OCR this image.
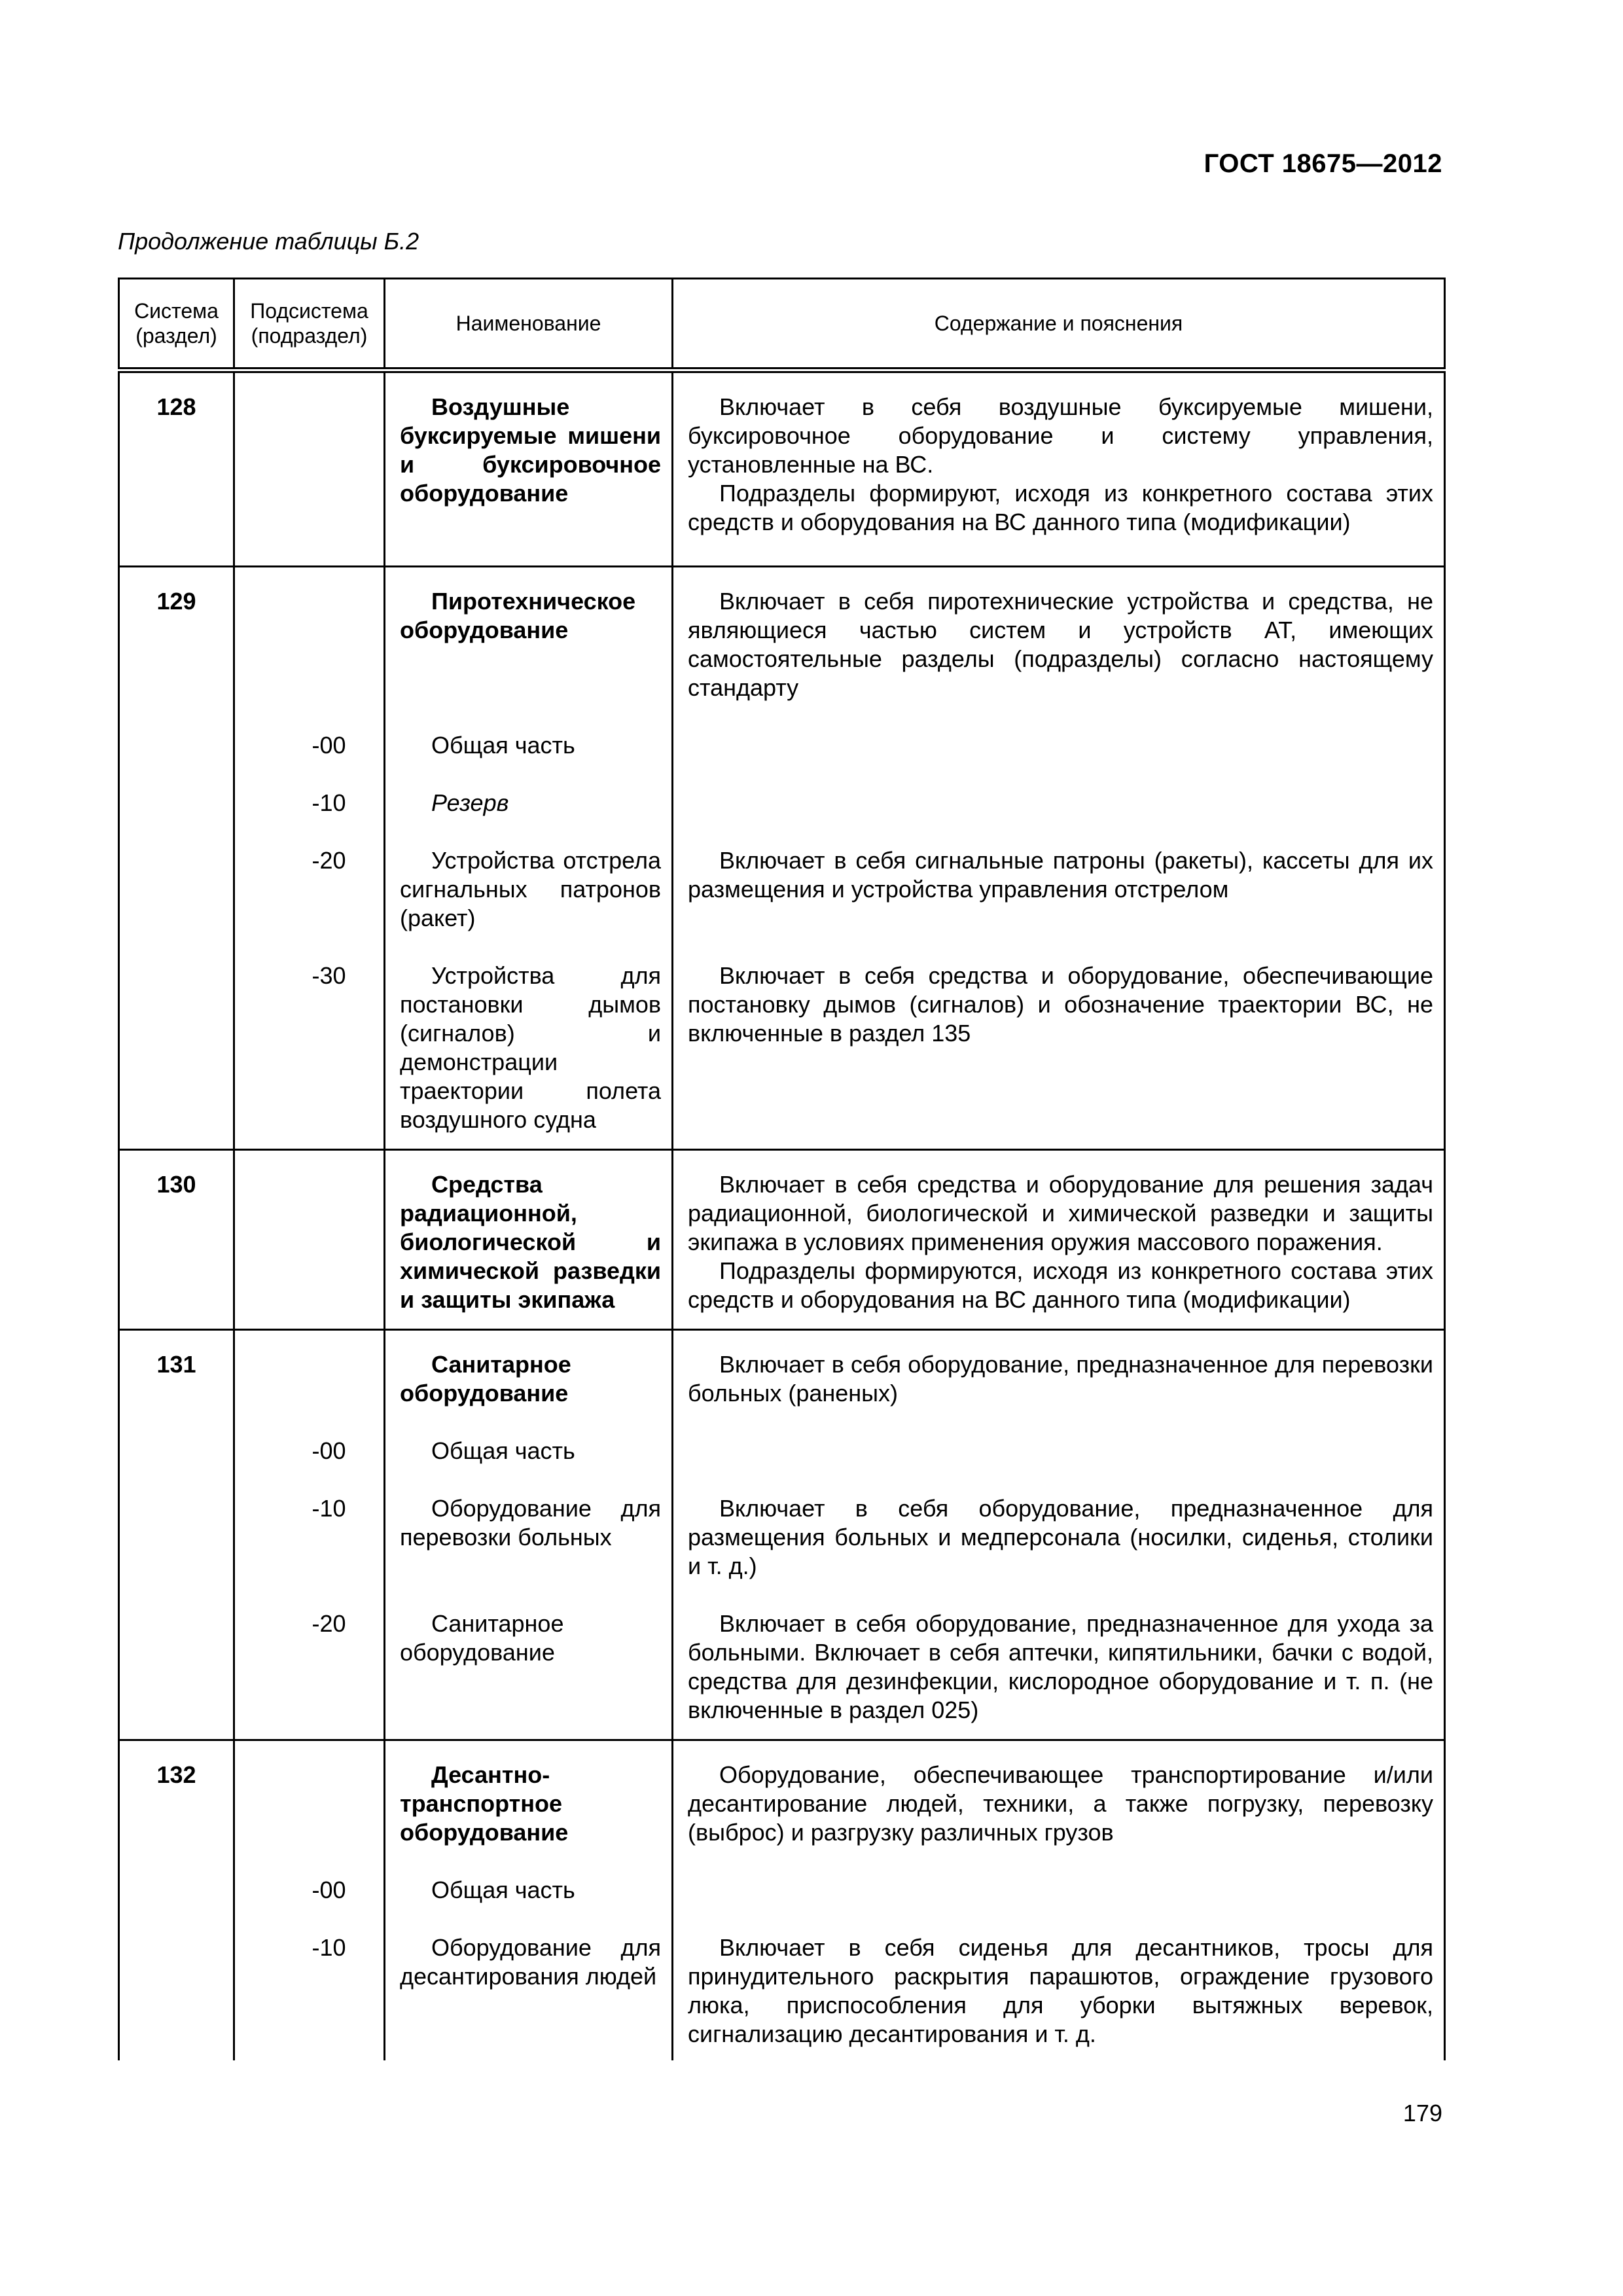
ГОСТ 18675—2012
Продолжение таблицы Б.2
Система (раздел)	Подсистема (подраздел)	Наименование	Содержание и пояснения
128		Воздушные буксируемые мишени и буксировочное оборудование	Включает в себя воздушные буксируемые мишени, буксировочное оборудование и систему управления, установленные на ВС.

Подразделы формируют, исходя из конкретного состава этих средств и оборудования на ВС данного типа (модификации)

129		Пиротехническое оборудование	Включает в себя пиротехнические устройства и средства, не являющиеся частью систем и устройств АТ, имеющих самостоятельные разделы (подразделы) согласно настоящему стандарту

	-00	Общая часть	

	-10	Резерв	

	-20	Устройства отстрела сигнальных патронов (ракет)	Включает в себя сигнальные патроны (ракеты), кассеты для их размещения и устройства управления отстрелом

	-30	Устройства для постановки дымов (сигналов) и демонстрации траектории полета воздушного судна	Включает в себя средства и оборудование, обеспечивающие постановку дымов (сигналов) и обозначение траектории ВС, не включенные в раздел 135

130		Средства радиационной, биологической и химической разведки и защиты экипажа	Включает в себя средства и оборудование для решения задач радиационной, биологической и химической разведки и защиты экипажа в условиях применения оружия массового поражения.

Подразделы формируются, исходя из конкретного состава этих средств и оборудования на ВС данного типа (модификации)

131		Санитарное оборудование	Включает в себя оборудование, предназначенное для перевозки больных (раненых)

	-00	Общая часть	

	-10	Оборудование для перевозки больных	Включает в себя оборудование, предназначенное для размещения больных и медперсонала (носилки, сиденья, столики и т. д.)

	-20	Санитарное оборудование	Включает в себя оборудование, предназначенное для ухода за больными. Включает в себя аптечки, кипятильники, бачки с водой, средства для дезинфекции, кислородное оборудование и т. п. (не включенные в раздел 025)

132		Десантно-транспортное оборудование	Оборудование, обеспечивающее транспортирование и/или десантирование людей, техники, а также погрузку, перевозку (выброс) и разгрузку различных грузов

	-00	Общая часть	

	-10	Оборудование для десантирования людей	Включает в себя сиденья для десантников, тросы для принудительного раскрытия парашютов, ограждение грузового люка, приспособления для уборки вытяжных веревок, сигнализацию десантирования и т. д.

179
